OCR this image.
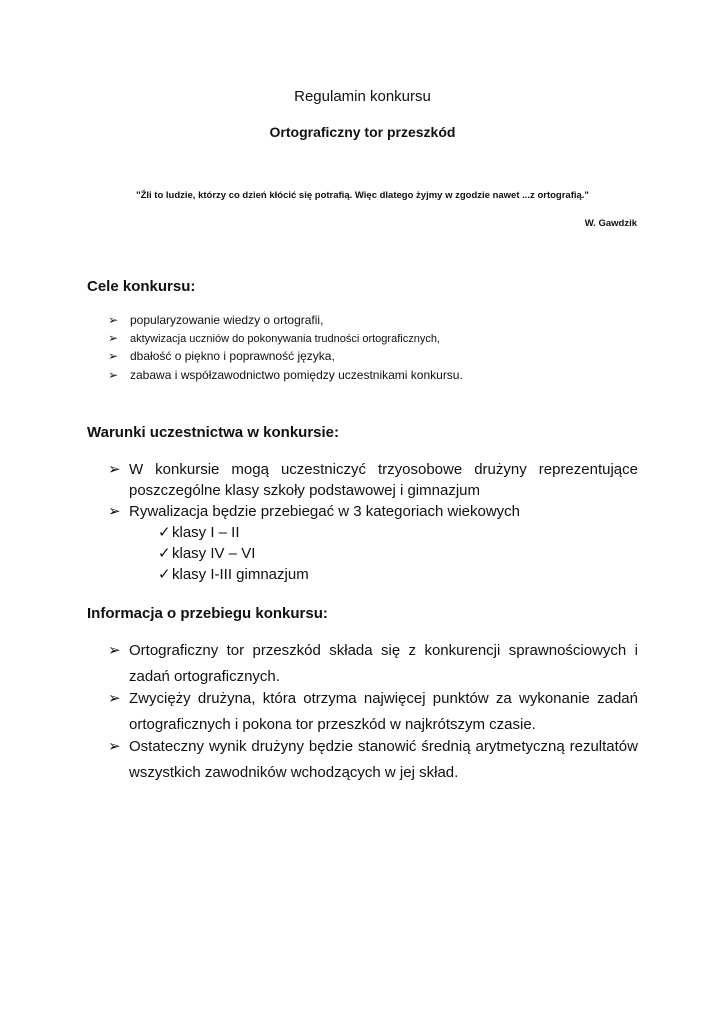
Regulamin konkursu
Ortograficzny tor przeszkód
"Źli to ludzie, którzy co dzień kłócić się potrafią. Więc dlatego żyjmy w zgodzie nawet ...z ortografią."
W. Gawdzik
Cele konkursu:
➢ popularyzowanie wiedzy o ortografii,
➢ aktywizacja uczniów do pokonywania trudności ortograficznych,
➢ dbałość o piękno i poprawność języka,
➢ zabawa i współzawodnictwo pomiędzy uczestnikami konkursu.
Warunki uczestnictwa w konkursie:
➢ W konkursie mogą uczestniczyć trzyosobowe drużyny reprezentujące poszczególne klasy szkoły podstawowej i gimnazjum
➢ Rywalizacja będzie przebiegać w 3 kategoriach wiekowych
✓klasy I – II
✓klasy IV – VI
✓klasy I-III gimnazjum
Informacja o przebiegu konkursu:
➢ Ortograficzny tor przeszkód składa się z konkurencji sprawnościowych i zadań ortograficznych.
➢ Zwycięży drużyna, która otrzyma najwięcej punktów za wykonanie zadań ortograficznych i pokona tor przeszkód w najkrótszym czasie.
➢ Ostateczny wynik drużyny będzie stanowić średnią arytmetyczną rezultatów wszystkich zawodników wchodzących w jej skład.
